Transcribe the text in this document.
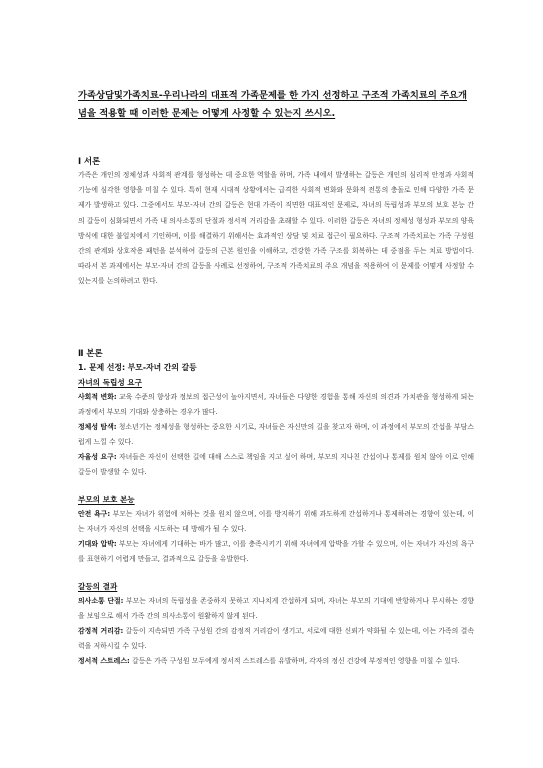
가족상담및가족치료-우리나라의 대표적 가족문제를 한 가지 선정하고 구조적 가족치료의 주요개념을 적용할 때 이러한 문제는 어떻게 사정할 수 있는지 쓰시오.
Ⅰ 서론
가족은 개인의 정체성과 사회적 관계를 형성하는 데 중요한 역할을 하며, 가족 내에서 발생하는 갈등은 개인의 심리적 안정과 사회적 기능에 심각한 영향을 미칠 수 있다. 특히 현재 시대적 상황에서는 급격한 사회적 변화와 문화적 전통의 충돌로 인해 다양한 가족 문제가 발생하고 있다. 그중에서도 부모-자녀 간의 갈등은 현대 가족이 직면한 대표적인 문제로, 자녀의 독립성과 부모의 보호 본능 간의 갈등이 심화되면서 가족 내 의사소통의 단절과 정서적 거리감을 초래할 수 있다. 이러한 갈등은 자녀의 정체성 형성과 부모의 양육 방식에 대한 불일치에서 기인하며, 이를 해결하기 위해서는 효과적인 상담 및 치료 접근이 필요하다. 구조적 가족치료는 가족 구성원 간의 관계와 상호작용 패턴을 분석하여 갈등의 근본 원인을 이해하고, 건강한 가족 구조를 회복하는 데 중점을 두는 치료 방법이다. 따라서 본 과제에서는 부모-자녀 간의 갈등을 사례로 선정하여, 구조적 가족치료의 주요 개념을 적용하여 이 문제를 어떻게 사정할 수 있는지를 논의하려고 한다.
Ⅱ 본론
1. 문제 선정: 부모-자녀 간의 갈등
자녀의 독립성 요구
사회적 변화: 교육 수준의 향상과 정보의 접근성이 높아지면서, 자녀들은 다양한 경험을 통해 자신의 의견과 가치관을 형성하게 되는 과정에서 부모의 기대와 상충하는 경우가 많다.
정체성 탐색: 청소년기는 정체성을 형성하는 중요한 시기로, 자녀들은 자신만의 길을 찾고자 하며, 이 과정에서 부모의 간섭을 부담스럽게 느낄 수 있다.
자율성 요구: 자녀들은 자신이 선택한 길에 대해 스스로 책임을 지고 싶어 하며, 부모의 지나친 간섭이나 통제를 원치 않아 이로 인해 갈등이 발생할 수 있다.
부모의 보호 본능
안전 욕구: 부모는 자녀가 위험에 처하는 것을 원치 않으며, 이를 방지하기 위해 과도하게 간섭하거나 통제하려는 경향이 있는데, 이는 자녀가 자신의 선택을 시도하는 데 방해가 될 수 있다.
기대와 압박: 부모는 자녀에게 기대하는 바가 많고, 이를 충족시키기 위해 자녀에게 압박을 가할 수 있으며, 이는 자녀가 자신의 욕구를 표현하기 어렵게 만들고, 결과적으로 갈등을 유발한다.
갈등의 결과
의사소통 단절: 부모는 자녀의 독립성을 존중하지 못하고 지나치게 간섭하게 되며, 자녀는 부모의 기대에 반항하거나 무시하는 경향을 보임으로 해서 가족 간의 의사소통이 원활하지 않게 된다.
감정적 거리감: 갈등이 지속되면 가족 구성원 간의 감정적 거리감이 생기고, 서로에 대한 신뢰가 약화될 수 있는데, 이는 가족의 결속력을 저하시킬 수 있다.
정서적 스트레스: 갈등은 가족 구성원 모두에게 정서적 스트레스를 유발하며, 각자의 정신 건강에 부정적인 영향을 미칠 수 있다.
